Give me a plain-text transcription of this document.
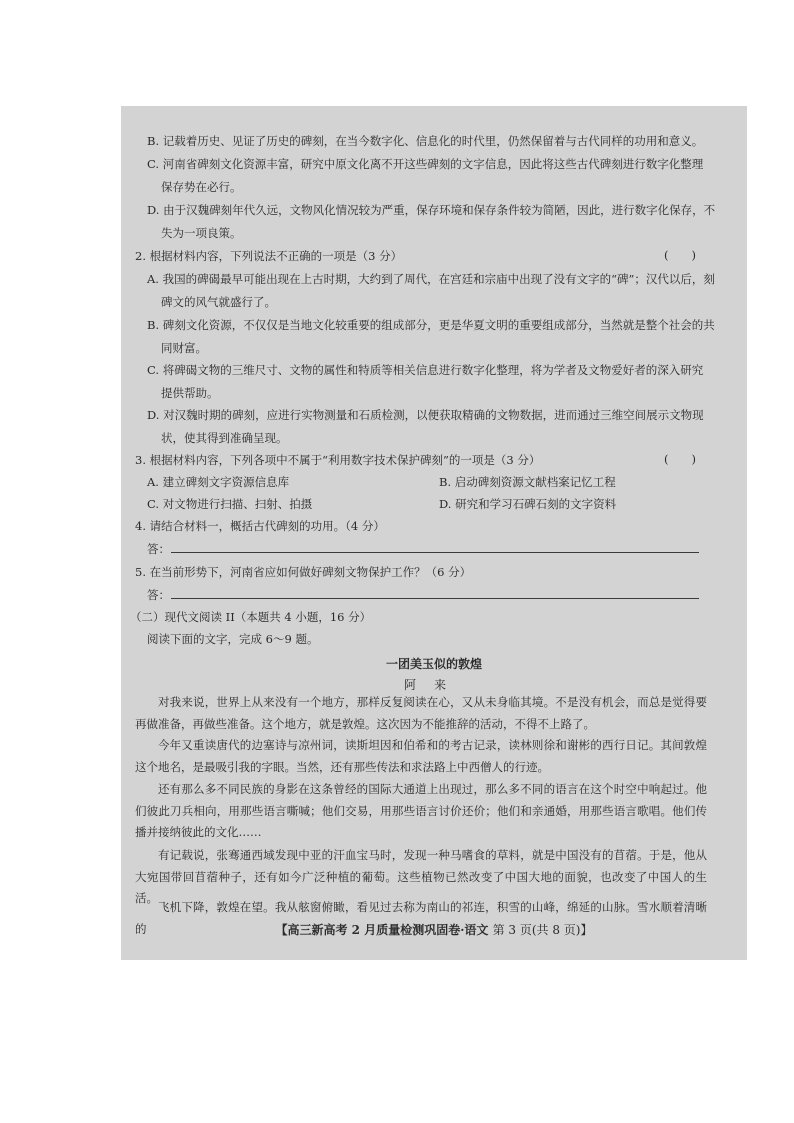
B. 记载着历史、见证了历史的碑刻，在当今数字化、信息化的时代里，仍然保留着与古代同样的功用和意义。
C. 河南省碑刻文化资源丰富，研究中原文化离不开这些碑刻的文字信息，因此将这些古代碑刻进行数字化整理
保存势在必行。
D. 由于汉魏碑刻年代久远，文物风化情况较为严重，保存环境和保存条件较为简陋，因此，进行数字化保存，不
失为一项良策。
2. 根据材料内容，下列说法不正确的一项是（3 分）	(　　)
A. 我国的碑碣最早可能出现在上古时期，大约到了周代，在宫廷和宗庙中出现了没有文字的“碑”；汉代以后，刻
碑文的风气就盛行了。
B. 碑刻文化资源，不仅仅是当地文化较重要的组成部分，更是华夏文明的重要组成部分，当然就是整个社会的共
同财富。
C. 将碑碣文物的三维尺寸、文物的属性和特质等相关信息进行数字化整理，将为学者及文物爱好者的深入研究
提供帮助。
D. 对汉魏时期的碑刻，应进行实物测量和石质检测，以便获取精确的文物数据，进而通过三维空间展示文物现
状，使其得到准确呈现。
3. 根据材料内容，下列各项中不属于“利用数字技术保护碑刻”的一项是（3 分）	(　　)
A. 建立碑刻文字资源信息库	B. 启动碑刻资源文献档案记忆工程
C. 对文物进行扫描、扫射、拍摄	D. 研究和学习石碑石刻的文字资料
4. 请结合材料一，概括古代碑刻的功用。（4 分）
答：
5. 在当前形势下，河南省应如何做好碑刻文物保护工作？（6 分）
答：
（二）现代文阅读 II（本题共 4 小题，16 分）
阅读下面的文字，完成 6～9 题。
一团美玉似的敦煌
阿来
对我来说，世界上从来没有一个地方，那样反复阅读在心，又从未身临其境。不是没有机会，而总是觉得要再做准备，再做些准备。这个地方，就是敦煌。这次因为不能推辞的活动，不得不上路了。
今年又重读唐代的边塞诗与凉州词，读斯坦因和伯希和的考古记录，读林则徐和谢彬的西行日记。其间敦煌这个地名，是最吸引我的字眼。当然，还有那些传法和求法路上中西僧人的行迹。
还有那么多不同民族的身影在这条曾经的国际大通道上出现过，那么多不同的语言在这个时空中响起过。他们彼此刀兵相向，用那些语言嘶喊；他们交易，用那些语言讨价还价；他们和亲通婚，用那些语言歌唱。他们传播并接纳彼此的文化……
有记载说，张骞通西域发现中亚的汗血宝马时，发现一种马嗜食的草料，就是中国没有的苜蓿。于是，他从大宛国带回苜蓿种子，还有如今广泛种植的葡萄。这些植物已然改变了中国大地的面貌，也改变了中国人的生活。
飞机下降，敦煌在望。我从舷窗俯瞰，看见过去称为南山的祁连，积雪的山峰，绵延的山脉。雪水顺着清晰的	【高三新高考 2 月质量检测巩固卷·语文 第 3 页(共 8 页)】
